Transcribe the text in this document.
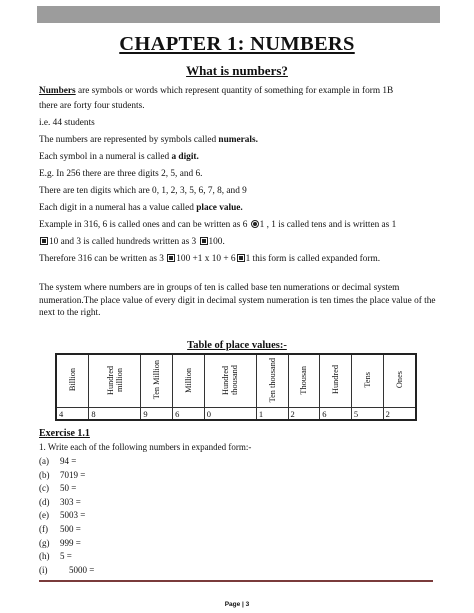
CHAPTER 1: NUMBERS
What is numbers?
Numbers are symbols or words which represent quantity of something for example in form 1B
there are forty four students.
i.e. 44 students
The numbers are represented by symbols called numerals.
Each symbol in a numeral is called a digit.
E.g. In 256 there are three digits 2, 5, and 6.
There are ten digits which are 0, 1, 2, 3, 5, 6, 7, 8, and 9
Each digit in a numeral has a value called place value.
Example in 316, 6 is called ones and can be written as 6 1 , 1 is called tens and is written as 1
10 and 3 is called hundreds written as 3 100.
Therefore 316 can be written as 3 100 +1 x 10 + 6 1 this form is called expanded form.
The system where numbers are in groups of ten is called base ten numerations or decimal system numeration.The place value of every digit in decimal system numeration is ten times the place value of the next to the right.
Table of place values:-
Billion	Hundred million	Ten Million	Million	Hundred thousand	Ten thousand	Thousan	Hundred	Tens	Ones
4	8	9	6	0	1	2	6	5	2
Exercise 1.1
1. Write each of the following numbers in expanded form:-
(a) 94 =
(b) 7019 =
(c) 50 =
(d) 303 =
(e) 5003 =
(f) 500 =
(g) 999 =
(h) 5 =
Page | 3
(i)    5000 =
